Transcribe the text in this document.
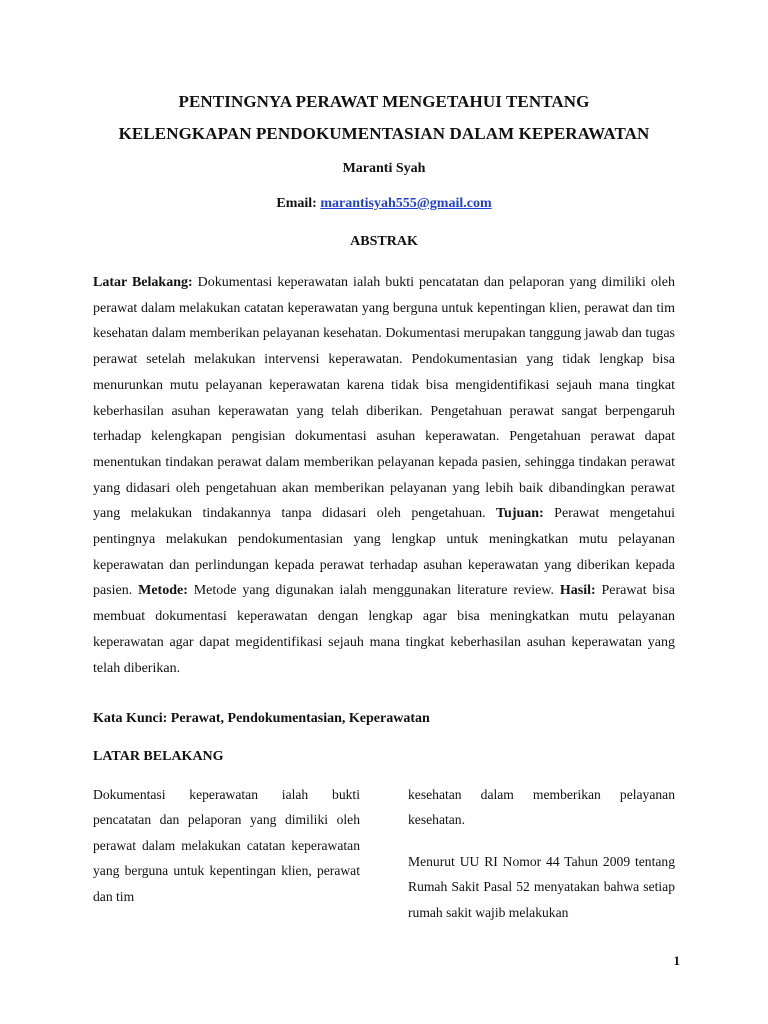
PENTINGNYA PERAWAT MENGETAHUI TENTANG
KELENGKAPAN PENDOKUMENTASIAN DALAM KEPERAWATAN
Maranti Syah
Email: marantisyah555@gmail.com
ABSTRAK
Latar Belakang: Dokumentasi keperawatan ialah bukti pencatatan dan pelaporan yang dimiliki oleh perawat dalam melakukan catatan keperawatan yang berguna untuk kepentingan klien, perawat dan tim kesehatan dalam memberikan pelayanan kesehatan. Dokumentasi merupakan tanggung jawab dan tugas perawat setelah melakukan intervensi keperawatan. Pendokumentasian yang tidak lengkap bisa menurunkan mutu pelayanan keperawatan karena tidak bisa mengidentifikasi sejauh mana tingkat keberhasilan asuhan keperawatan yang telah diberikan. Pengetahuan perawat sangat berpengaruh terhadap kelengkapan pengisian dokumentasi asuhan keperawatan. Pengetahuan perawat dapat menentukan tindakan perawat dalam memberikan pelayanan kepada pasien, sehingga tindakan perawat yang didasari oleh pengetahuan akan memberikan pelayanan yang lebih baik dibandingkan perawat yang melakukan tindakannya tanpa didasari oleh pengetahuan. Tujuan: Perawat mengetahui pentingnya melakukan pendokumentasian yang lengkap untuk meningkatkan mutu pelayanan keperawatan dan perlindungan kepada perawat terhadap asuhan keperawatan yang diberikan kepada pasien. Metode: Metode yang digunakan ialah menggunakan literature review. Hasil: Perawat bisa membuat dokumentasi keperawatan dengan lengkap agar bisa meningkatkan mutu pelayanan keperawatan agar dapat megidentifikasi sejauh mana tingkat keberhasilan asuhan keperawatan yang telah diberikan.
Kata Kunci: Perawat, Pendokumentasian, Keperawatan
LATAR BELAKANG

Dokumentasi keperawatan ialah bukti pencatatan dan pelaporan yang dimiliki oleh perawat dalam melakukan catatan keperawatan yang berguna untuk kepentingan klien, perawat dan tim

kesehatan dalam memberikan pelayanan kesehatan.

Menurut UU RI Nomor 44 Tahun 2009 tentang Rumah Sakit Pasal 52 menyatakan bahwa setiap rumah sakit wajib melakukan

1
